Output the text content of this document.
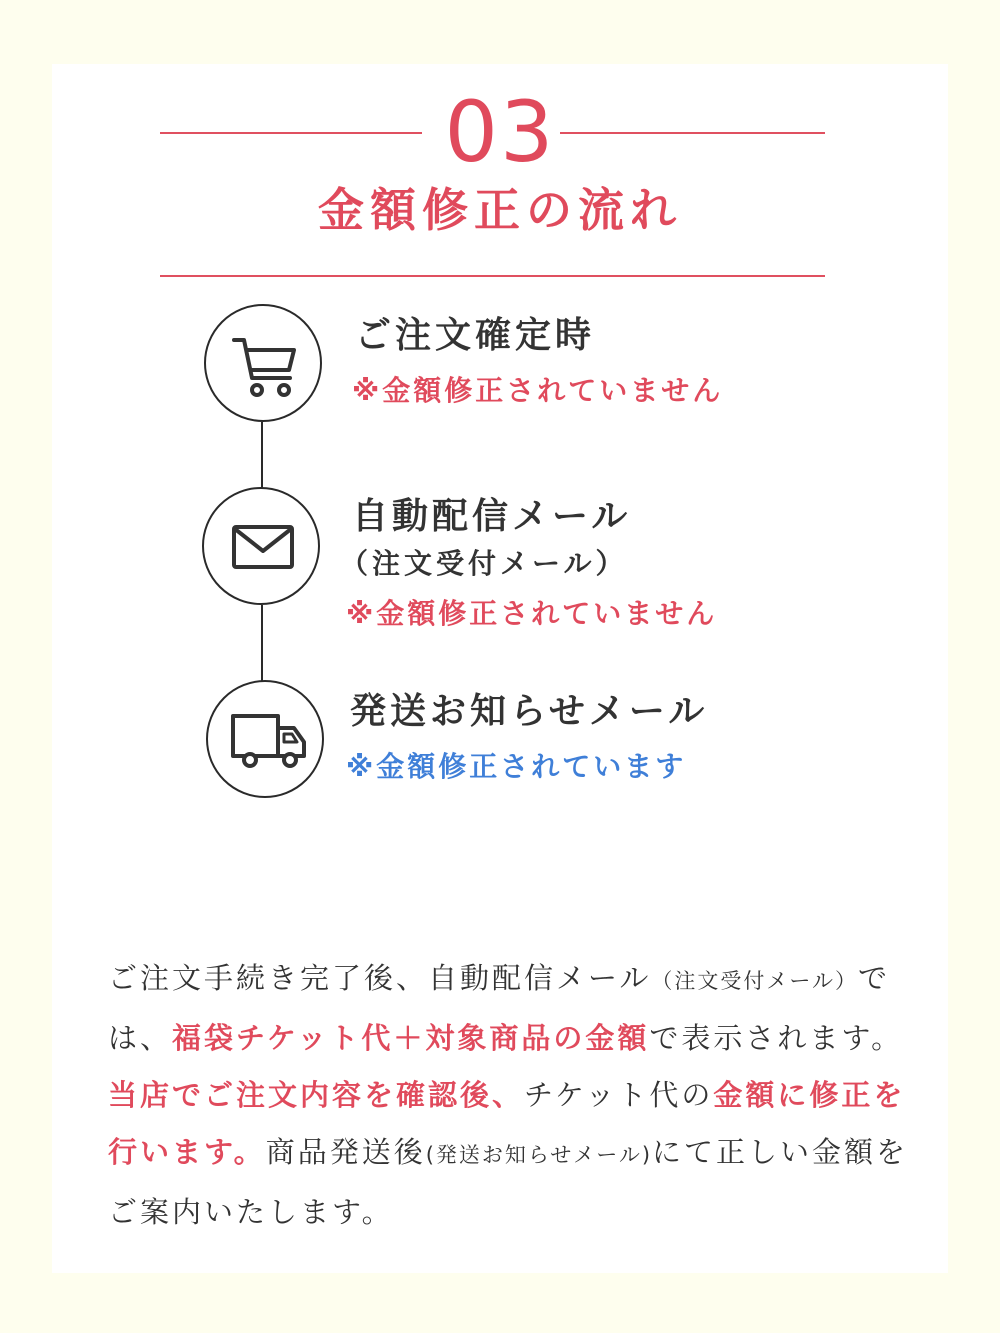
03
金額修正の流れ
ご注文確定時
※金額修正されていません
自動配信メール
（注文受付メール）
※金額修正されていません
発送お知らせメール
※金額修正されています
ご注文手続き完了後、自動配信メール（注文受付メール）では、福袋チケット代＋対象商品の金額で表示されます。当店でご注文内容を確認後、チケット代の金額に修正を行います。商品発送後(発送お知らせメール)にて正しい金額をご案内いたします。
